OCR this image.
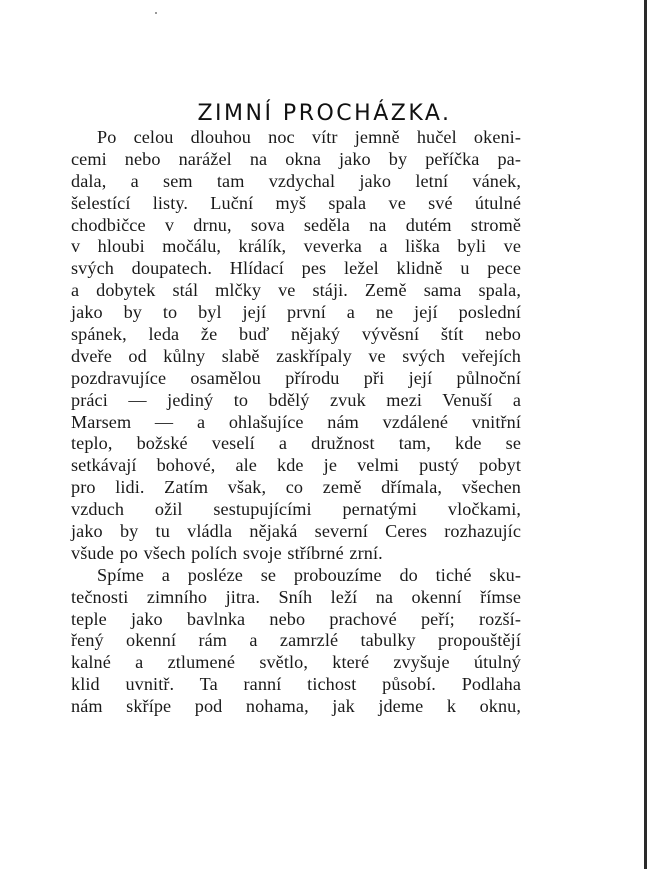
ZIMNÍ PROCHÁZKA.
Po celou dlouhou noc vítr jemně hučel okeni-
cemi nebo narážel na okna jako by peříčka pa-
dala, a sem tam vzdychal jako letní vánek,
šelestící listy. Luční myš spala ve své útulné
chodbičce v drnu, sova seděla na dutém stromě
v hloubi močálu, králík, veverka a liška byli ve
svých doupatech. Hlídací pes ležel klidně u pece
a dobytek stál mlčky ve stáji. Země sama spala,
jako by to byl její první a ne její poslední
spánek, leda že buď nějaký vývěsní štít nebo
dveře od kůlny slabě zaskřípaly ve svých veřejích
pozdravujíce osamělou přírodu při její půlnoční
práci — jediný to bdělý zvuk mezi Venuší a
Marsem — a ohlašujíce nám vzdálené vnitřní
teplo, božské veselí a družnost tam, kde se
setkávají bohové, ale kde je velmi pustý pobyt
pro lidi. Zatím však, co země dřímala, všechen
vzduch ožil sestupujícími pernatými vločkami,
jako by tu vládla nějaká severní Ceres rozhazujíc
všude po všech polích svoje stříbrné zrní.
Spíme a posléze se probouzíme do tiché sku-
tečnosti zimního jitra. Sníh leží na okenní římse
teple jako bavlnka nebo prachové peří; rozší-
řený okenní rám a zamrzlé tabulky propouštějí
kalné a ztlumené světlo, které zvyšuje útulný
klid uvnitř. Ta ranní tichost působí. Podlaha
nám skřípe pod nohama, jak jdeme k oknu,
